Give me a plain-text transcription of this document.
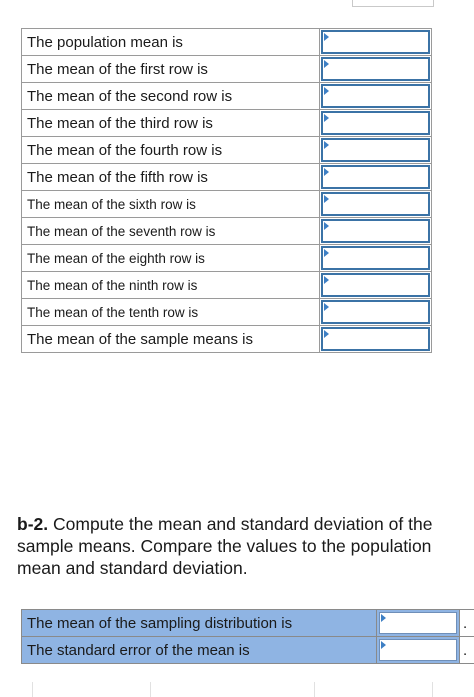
The population mean is	

The mean of the first row is	

The mean of the second row is	

The mean of the third row is	

The mean of the fourth row is	

The mean of the fifth row is	

The mean of the sixth row is	

The mean of the seventh row is	

The mean of the eighth row is	

The mean of the ninth row is	

The mean of the tenth row is	

The mean of the sample means is	
b-2. Compute the mean and standard deviation of the sample means. Compare the values to the population mean and standard deviation.
The mean of the sampling distribution is		.
The standard error of the mean is		.
